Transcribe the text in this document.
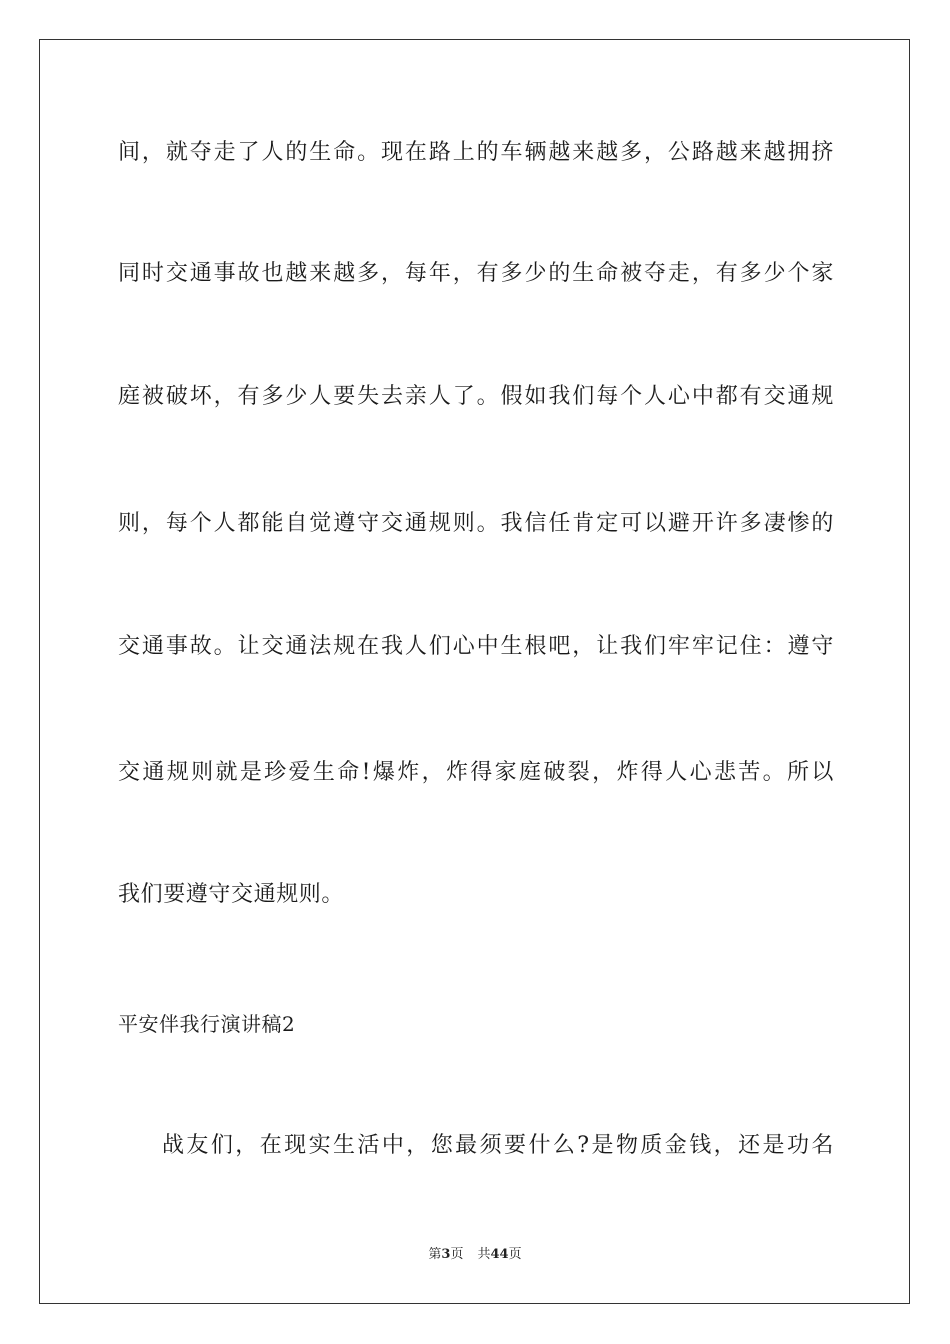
间，就夺走了人的生命。现在路上的车辆越来越多，公路越来越拥挤
同时交通事故也越来越多，每年，有多少的生命被夺走，有多少个家
庭被破坏，有多少人要失去亲人了。假如我们每个人心中都有交通规
则，每个人都能自觉遵守交通规则。我信任肯定可以避开许多凄惨的
交通事故。让交通法规在我人们心中生根吧，让我们牢牢记住：遵守
交通规则就是珍爱生命!爆炸，炸得家庭破裂，炸得人心悲苦。所以
我们要遵守交通规则。
平安伴我行演讲稿2
战友们，在现实生活中，您最须要什么?是物质金钱，还是功名
第3页 共44页
